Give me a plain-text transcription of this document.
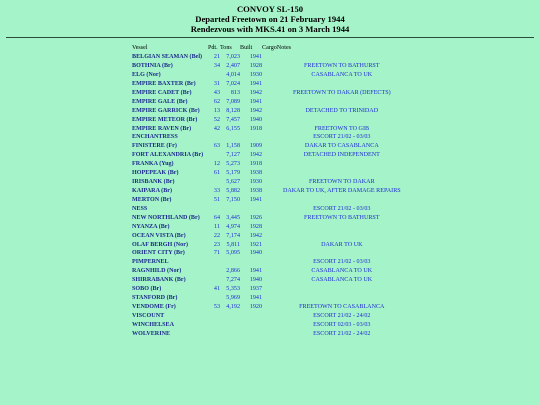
CONVOY SL-150
Departed Freetown on 21 February 1944
Rendezvous with MKS.41 on 3 March 1944
Vessel	Pdt.	Tons	Built	Cargo	Notes
BELGIAN SEAMAN (Bel)	21	7,023	1941		
BOTHNIA (Br)	34	2,407	1928		FREETOWN TO BATHURST
ELG (Nor)		4,014	1930		CASABLANCA TO UK
EMPIRE BAXTER (Br)	31	7,024	1941		
EMPIRE CADET (Br)	43	813	1942		FREETOWN TO DAKAR (DEFECTS)
EMPIRE GALE (Br)	62	7,089	1941		
EMPIRE GARRICK (Br)	13	8,128	1942		DETACHED TO TRINIDAD
EMPIRE METEOR (Br)	52	7,457	1940		
EMPIRE RAVEN (Br)	42	6,155	1918		FREETOWN TO GIB
ENCHANTRESS					ESCORT 21/02 - 03/03
FINISTERE (Fr)	63	1,158	1909		DAKAR TO CASABLANCA
FORT ALEXANDRIA (Br)		7,127	1942		DETACHED INDEPENDENT
FRANKA (Yug)	12	5,273	1918		
HOPEPEAK (Br)	61	5,179	1938		
IRISBANK (Br)		5,627	1930		FREETOWN TO DAKAR
KAIPARA (Br)	33	5,882	1938		DAKAR TO UK, AFTER DAMAGE REPAIRS
MERTON (Br)	51	7,150	1941		
NESS					ESCORT 21/02 - 03/03
NEW NORTHLAND (Br)	64	3,445	1926		FREETOWN TO BATHURST
NYANZA (Br)	11	4,974	1928		
OCEAN VISTA (Br)	22	7,174	1942		
OLAF BERGH (Nor)	23	5,811	1921		DAKAR TO UK
ORIENT CITY (Br)	71	5,095	1940		
PIMPERNEL					ESCORT 21/02 - 03/03
RAGNHILD (Nor)		2,866	1941		CASABLANCA TO UK
SHIRRABANK (Br)		7,274	1940		CASABLANCA TO UK
SOBO (Br)	41	5,353	1937		
STANFORD (Br)		5,969	1941		
VENDOME (Fr)	53	4,192	1920		FREETOWN TO CASABLANCA
VISCOUNT					ESCORT 21/02 - 24/02
WINCHELSEA					ESCORT 02/03 - 03/03
WOLVERINE					ESCORT 21/02 - 24/02
